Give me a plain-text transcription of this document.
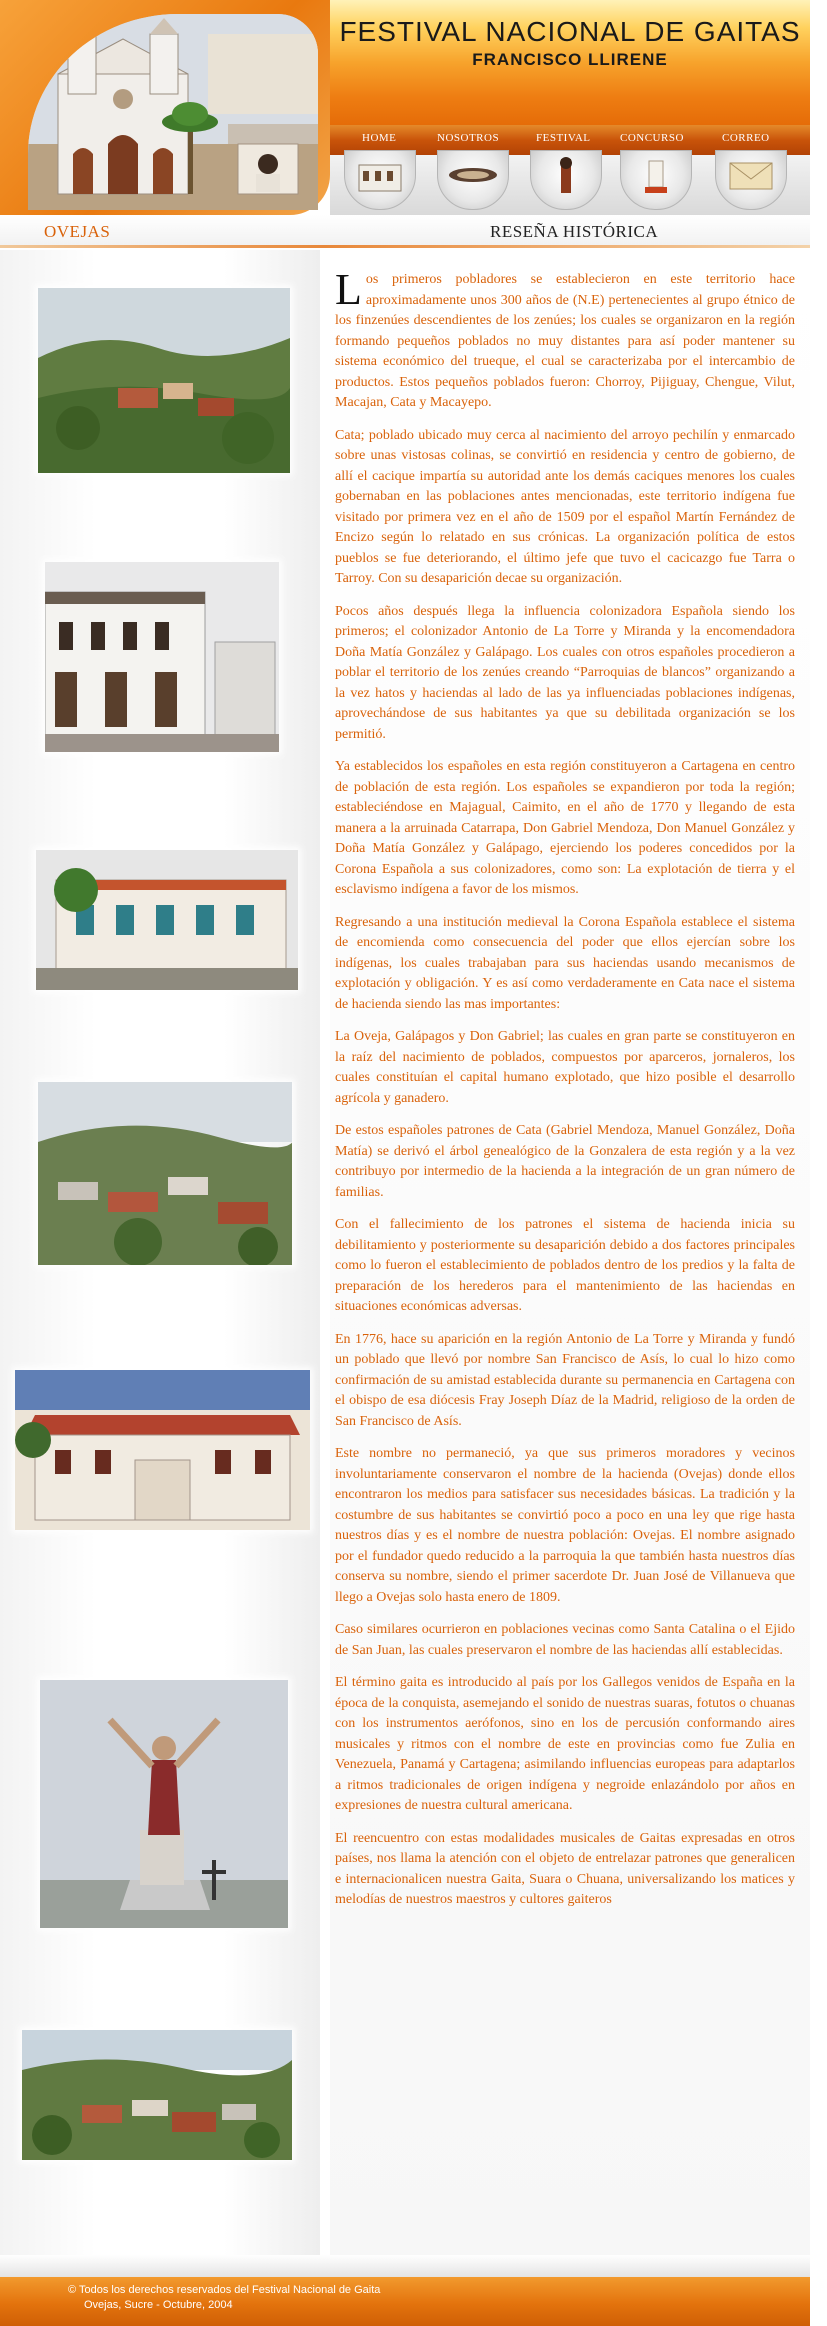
FESTIVAL NACIONAL DE GAITAS
FRANCISCO LLIRENE
HOME	NOSOTROS	FESTIVAL	CONCURSO	CORREO
OVEJAS	RESEÑA HISTÓRICA

Los primeros pobladores se establecieron en este territorio hace aproximadamente unos 300 años de (N.E) pertenecientes al grupo étnico de los finzenúes descendientes de los zenúes; los cuales se organizaron en la región formando pequeños poblados no muy distantes para así poder mantener su sistema económico del trueque, el cual se caracterizaba por el intercambio de productos. Estos pequeños poblados fueron: Chorroy, Pijiguay, Chengue, Vilut, Macajan, Cata y Macayepo.

Cata; poblado ubicado muy cerca al nacimiento del arroyo pechilín y enmarcado sobre unas vistosas colinas, se convirtió en residencia y centro de gobierno, de allí el cacique impartía su autoridad ante los demás caciques menores los cuales gobernaban en las poblaciones antes mencionadas, este territorio indígena fue visitado por primera vez en el año de 1509 por el español Martín Fernández de Encizo según lo relatado en sus crónicas. La organización política de estos pueblos se fue deteriorando, el último jefe que tuvo el cacicazgo fue Tarra o Tarroy. Con su desaparición decae su organización.

Pocos años después llega la influencia colonizadora Española siendo los primeros; el colonizador Antonio de La Torre y Miranda y la encomendadora Doña Matía González y Galápago. Los cuales con otros españoles procedieron a poblar el territorio de los zenúes creando “Parroquias de blancos” organizando a la vez hatos y haciendas al lado de las ya influenciadas poblaciones indígenas, aprovechándose de sus habitantes ya que su debilitada organización se los permitió.

Ya establecidos los españoles en esta región constituyeron a Cartagena en centro de población de esta región. Los españoles se expandieron por toda la región; estableciéndose en Majagual, Caimito, en el año de 1770 y llegando de esta manera a la arruinada Catarrapa, Don Gabriel Mendoza, Don Manuel González y Doña Matía González y Galápago, ejerciendo los poderes concedidos por la Corona Española a sus colonizadores, como son: La explotación de tierra y el esclavismo indígena a favor de los mismos.

Regresando a una institución medieval la Corona Española establece el sistema de encomienda como consecuencia del poder que ellos ejercían sobre los indígenas, los cuales trabajaban para sus haciendas usando mecanismos de explotación y obligación. Y es así como verdaderamente en Cata nace el sistema de hacienda siendo las mas importantes:

La Oveja, Galápagos y Don Gabriel; las cuales en gran parte se constituyeron en la raíz del nacimiento de poblados, compuestos por aparceros, jornaleros, los cuales constituían el capital humano explotado, que hizo posible el desarrollo agrícola y ganadero.

De estos españoles patrones de Cata (Gabriel Mendoza, Manuel González, Doña Matía) se derivó el árbol genealógico de la Gonzalera de esta región y a la vez contribuyo por intermedio de la hacienda a la integración de un gran número de familias.

Con el fallecimiento de los patrones el sistema de hacienda inicia su debilitamiento y posteriormente su desaparición debido a dos factores principales como lo fueron el establecimiento de poblados dentro de los predios y la falta de preparación de los herederos para el mantenimiento de las haciendas en situaciones económicas adversas.

En 1776, hace su aparición en la región Antonio de La Torre y Miranda y fundó un poblado que llevó por nombre San Francisco de Asís, lo cual lo hizo como confirmación de su amistad establecida durante su permanencia en Cartagena con el obispo de esa diócesis Fray Joseph Díaz de la Madrid, religioso de la orden de San Francisco de Asís.

Este nombre no permaneció, ya que sus primeros moradores y vecinos involuntariamente conservaron el nombre de la hacienda (Ovejas) donde ellos encontraron los medios para satisfacer sus necesidades básicas. La tradición y la costumbre de sus habitantes se convirtió poco a poco en una ley que rige hasta nuestros días y es el nombre de nuestra población: Ovejas. El nombre asignado por el fundador quedo reducido a la parroquia la que también hasta nuestros días conserva su nombre, siendo el primer sacerdote Dr. Juan José de Villanueva que llego a Ovejas solo hasta enero de 1809.

Caso similares ocurrieron en poblaciones vecinas como Santa Catalina o el Ejido de San Juan, las cuales preservaron el nombre de las haciendas allí establecidas.

El término gaita es introducido al país por los Gallegos venidos de España en la época de la conquista, asemejando el sonido de nuestras suaras, fotutos o chuanas con los instrumentos aerófonos, sino en los de percusión conformando aires musicales y ritmos con el nombre de este en provincias como fue Zulia en Venezuela, Panamá y Cartagena; asimilando influencias europeas para adaptarlos a ritmos tradicionales de origen indígena y negroide enlazándolo por años en expresiones de nuestra cultural americana.

El reencuentro con estas modalidades musicales de Gaitas expresadas en otros países, nos llama la atención con el objeto de entrelazar patrones que generalicen e internacionalicen nuestra Gaita, Suara o Chuana, universalizando los matices y melodías de nuestros maestros y cultores gaiteros

© Todos los derechos reservados del Festival Nacional de Gaita
Ovejas, Sucre - Octubre, 2004
